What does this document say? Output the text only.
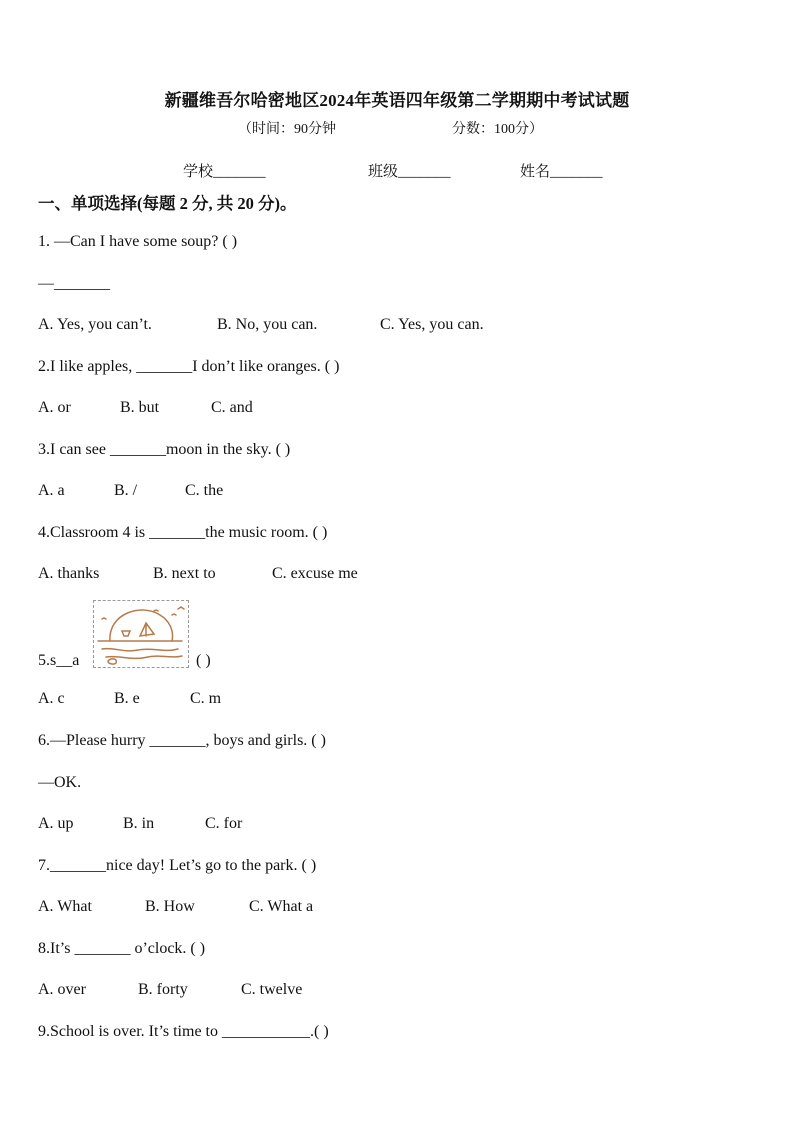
新疆维吾尔哈密地区2024年英语四年级第二学期期中考试试题
（时间：90分钟	分数：100分）
学校_______	班级_______	姓名_______
一、单项选择(每题 2 分, 共 20 分)。
1. —Can I have some soup? ( )
—_______
A. Yes, you can’t.	B. No, you can.	C. Yes, you can.
2.I like apples, _______I don’t like oranges. ( )
A. or	B. but	C. and
3.I can see _______moon in the sky. ( )
A. a	B. /	C. the
4.Classroom 4 is _______the music room. ( )
A. thanks	B. next to	C. excuse me
5.s__a	( )
A. c	B. e	C. m
6.—Please hurry _______, boys and girls. ( )
—OK.
A. up	B. in	C. for
7._______nice day! Let’s go to the park. ( )
A. What	B. How	C. What a
8.It’s _______ o’clock. ( )
A. over	B. forty	C. twelve
9.School is over. It’s time to ___________.( )
